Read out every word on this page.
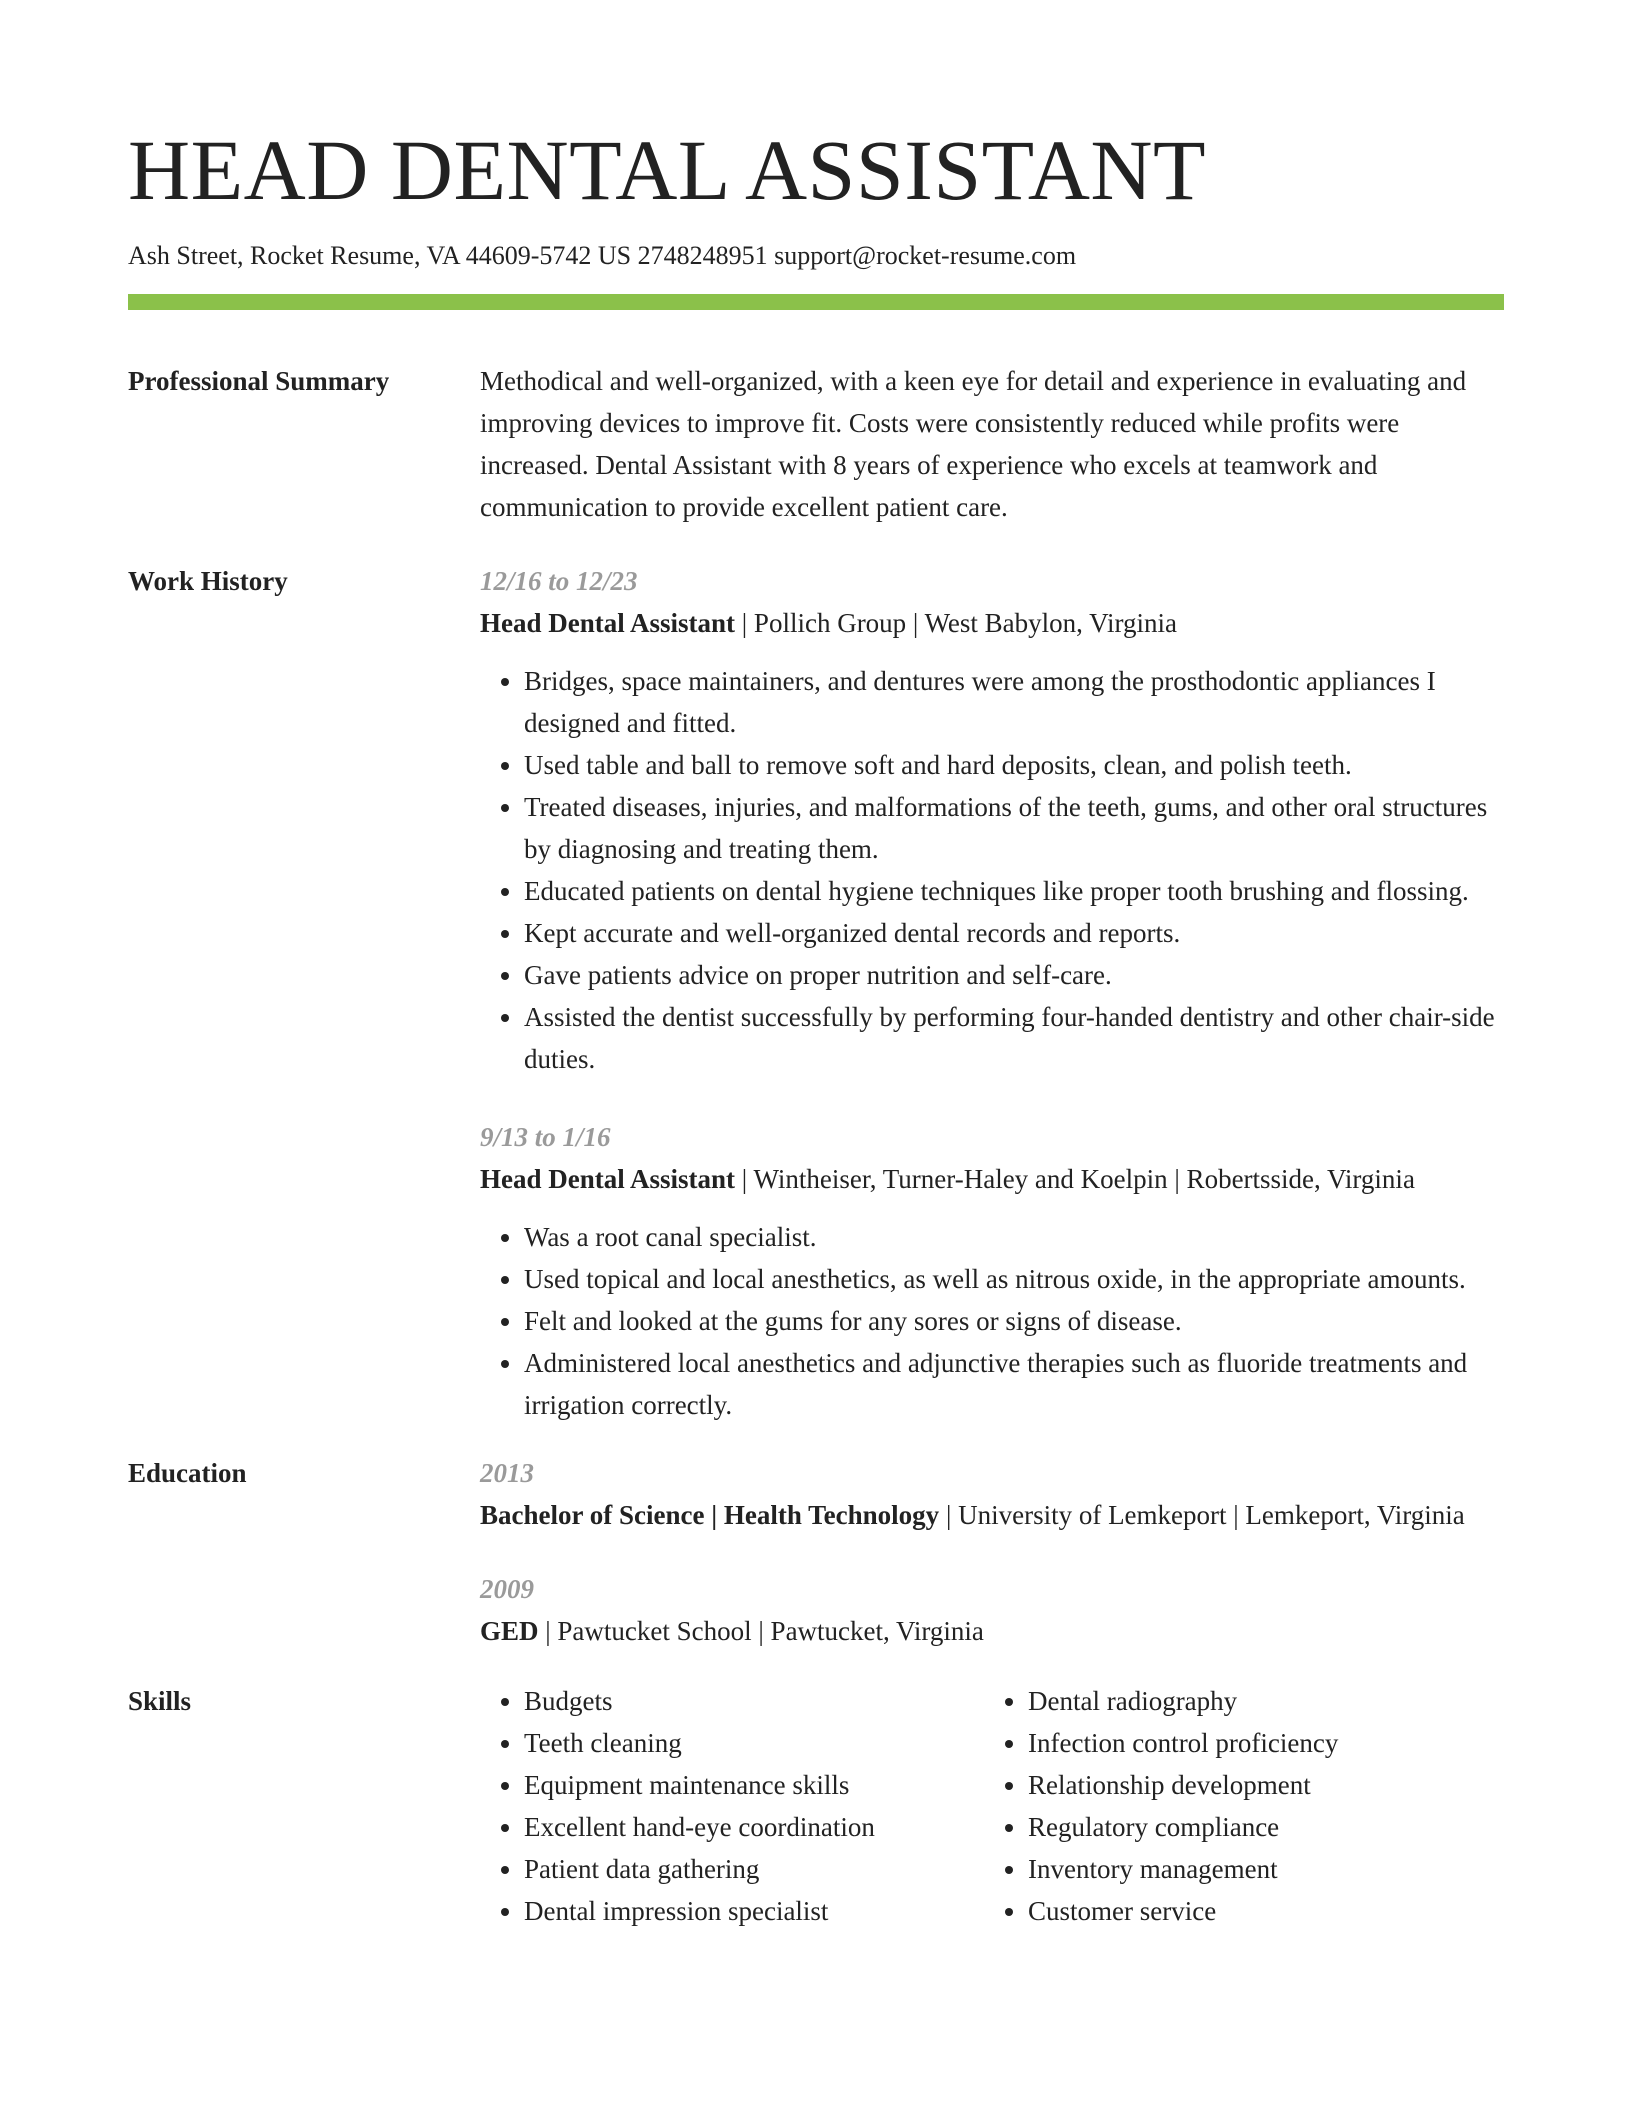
HEAD DENTAL ASSISTANT
Ash Street, Rocket Resume, VA 44609-5742 US 2748248951 support@rocket-resume.com
Professional Summary	Methodical and well-organized, with a keen eye for detail and experience in evaluating and improving devices to improve fit. Costs were consistently reduced while profits were increased. Dental Assistant with 8 years of experience who excels at teamwork and communication to provide excellent patient care.
Work History	12/16 to 12/23
Head Dental Assistant | Pollich Group | West Babylon, Virginia
• Bridges, space maintainers, and dentures were among the prosthodontic appliances I designed and fitted.
• Used table and ball to remove soft and hard deposits, clean, and polish teeth.
• Treated diseases, injuries, and malformations of the teeth, gums, and other oral structures by diagnosing and treating them.
• Educated patients on dental hygiene techniques like proper tooth brushing and flossing.
• Kept accurate and well-organized dental records and reports.
• Gave patients advice on proper nutrition and self-care.
• Assisted the dentist successfully by performing four-handed dentistry and other chair-side duties.
9/13 to 1/16
Head Dental Assistant | Wintheiser, Turner-Haley and Koelpin | Robertsside, Virginia
• Was a root canal specialist.
• Used topical and local anesthetics, as well as nitrous oxide, in the appropriate amounts.
• Felt and looked at the gums for any sores or signs of disease.
• Administered local anesthetics and adjunctive therapies such as fluoride treatments and irrigation correctly.
Education	2013
Bachelor of Science | Health Technology | University of Lemkeport | Lemkeport, Virginia
2009
GED | Pawtucket School | Pawtucket, Virginia
Skills
•	Budgets
• Teeth cleaning
• Equipment maintenance skills
• Excellent hand-eye coordination
• Patient data gathering
• Dental impression specialist
• Dental radiography
• Infection control proficiency
• Relationship development
• Regulatory compliance
• Inventory management
• Customer service
